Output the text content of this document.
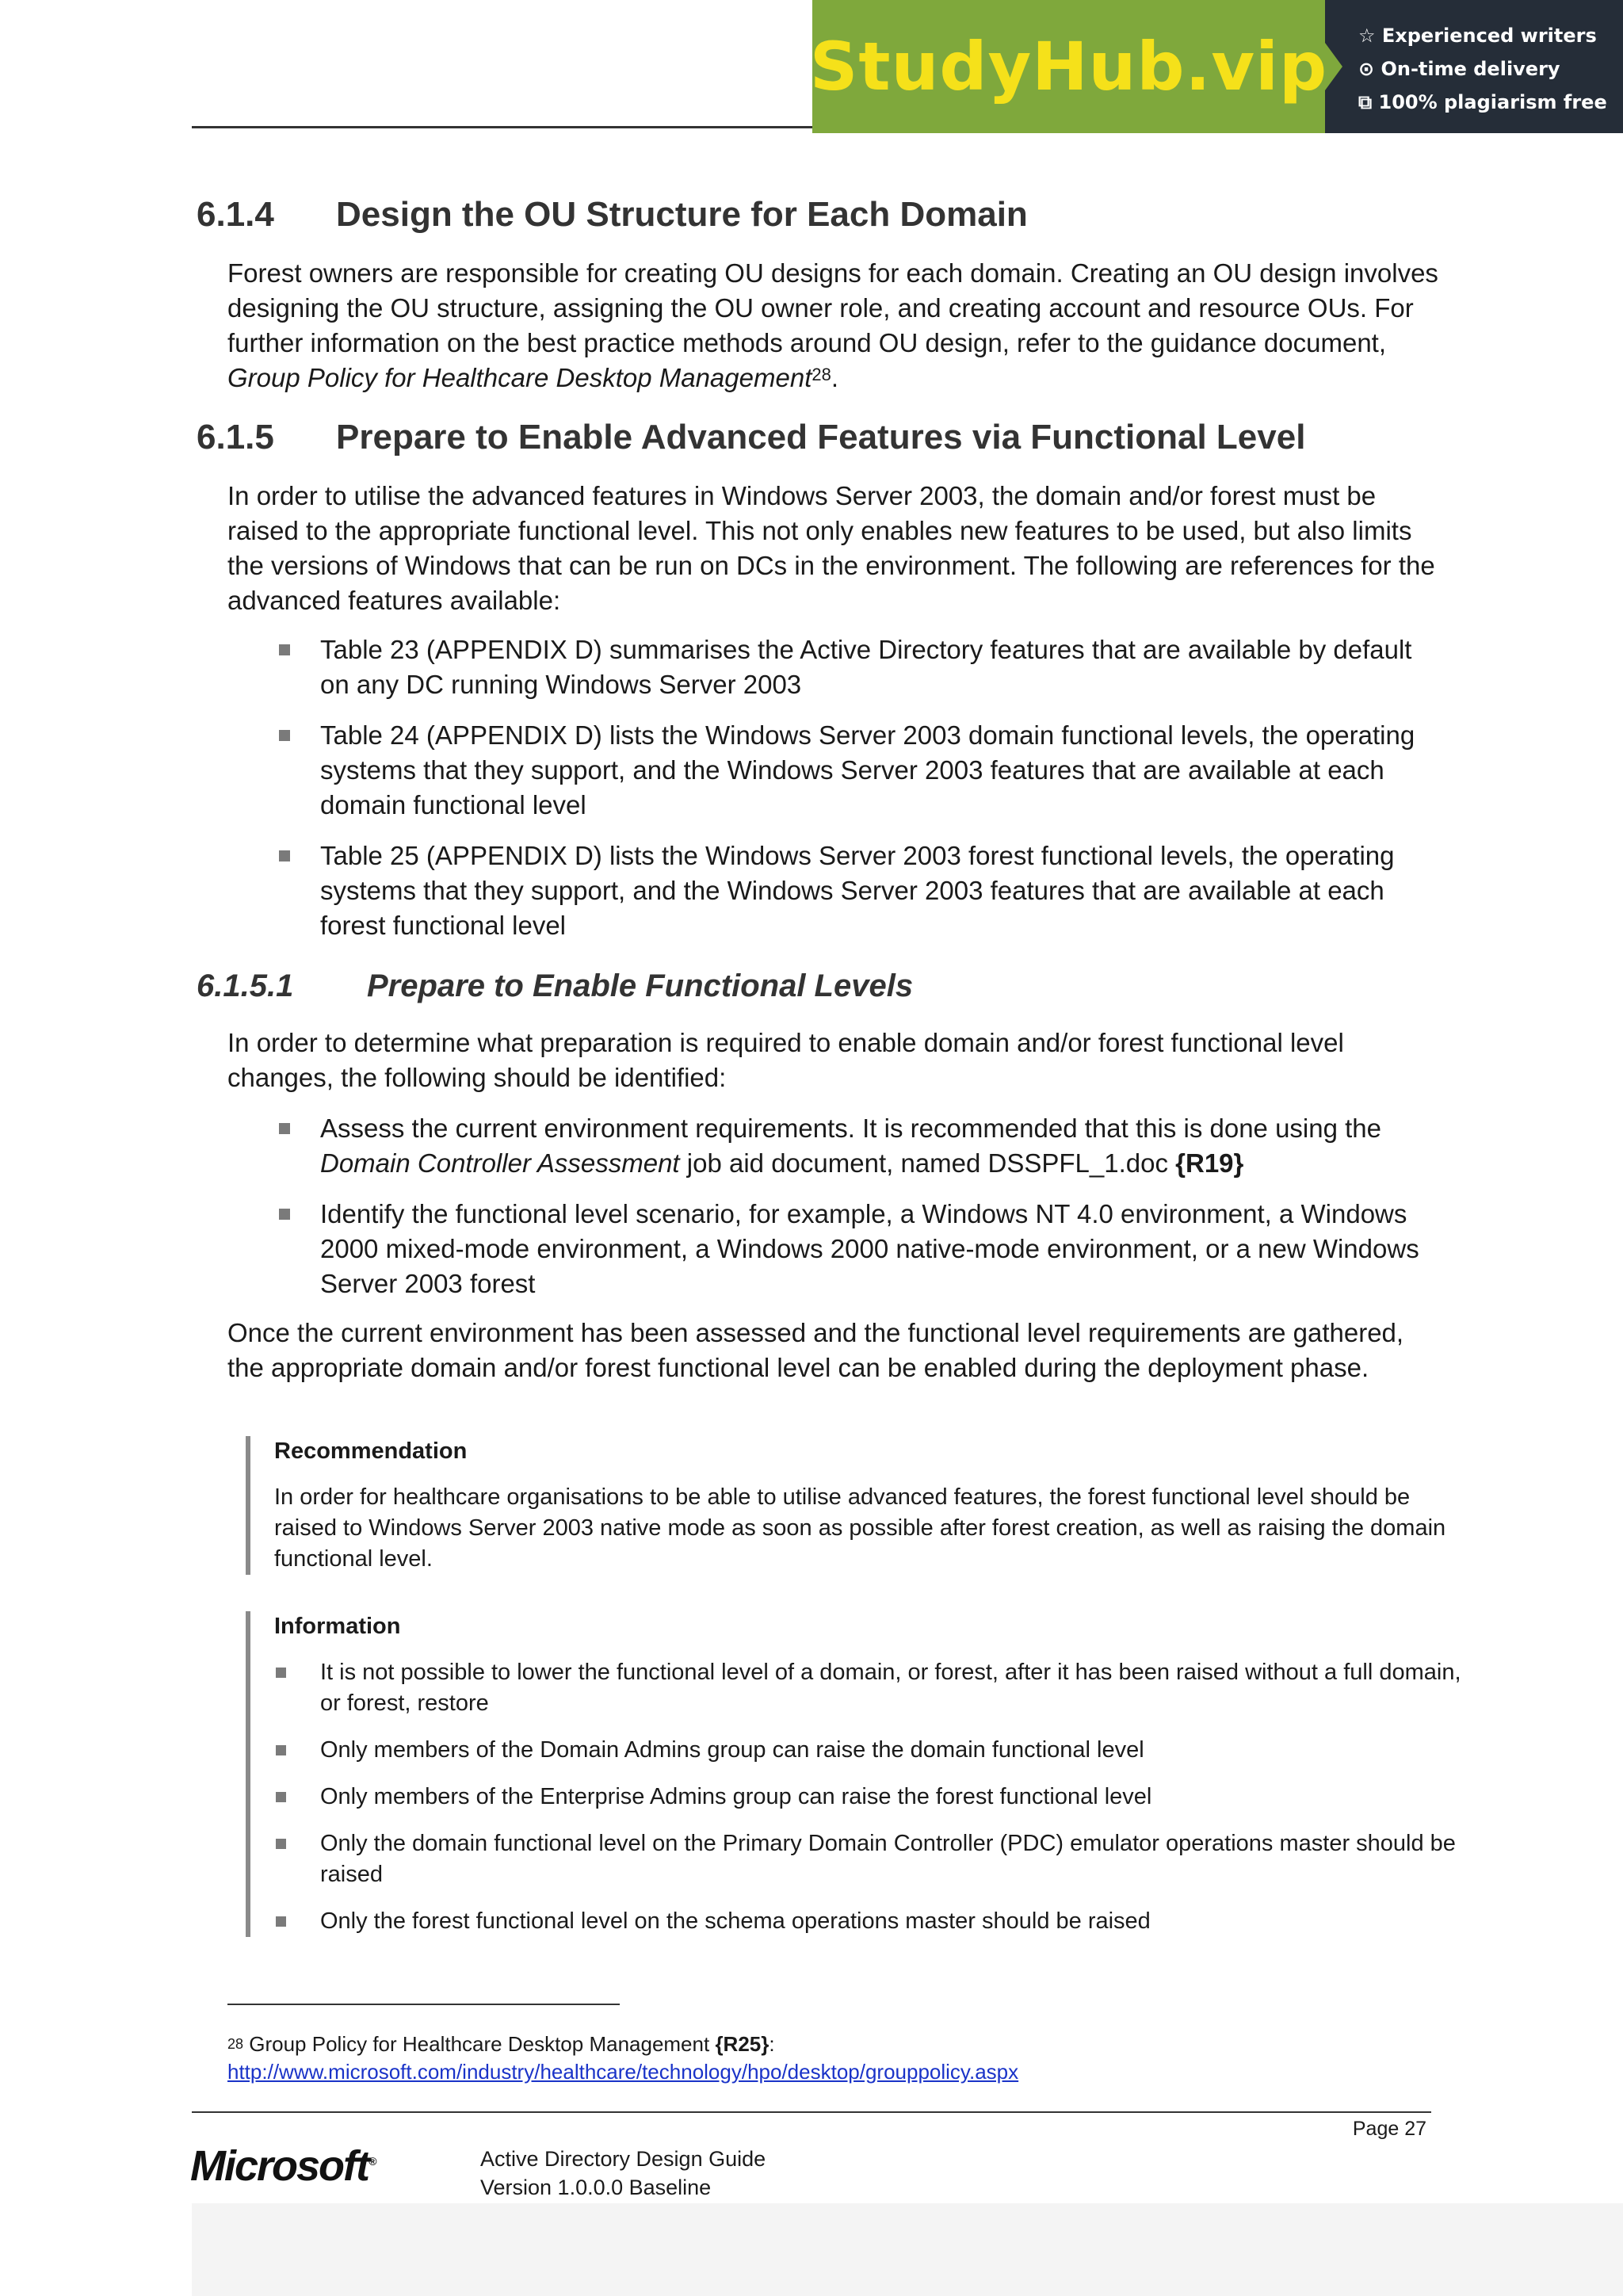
StudyHub.vip ☆ Experienced writers
⊙ On-time delivery
⧉ 100% plagiarism free
6.1.4 Design the OU Structure for Each Domain
Forest owners are responsible for creating OU designs for each domain. Creating an OU design involves designing the OU structure, assigning the OU owner role, and creating account and resource OUs. For further information on the best practice methods around OU design, refer to the guidance document, Group Policy for Healthcare Desktop Management$^{28}$.
6.1.5 Prepare to Enable Advanced Features via Functional Level
In order to utilise the advanced features in Windows Server 2003, the domain and/or forest must be raised to the appropriate functional level. This not only enables new features to be used, but also limits the versions of Windows that can be run on DCs in the environment. The following are references for the advanced features available:
Table 23 (APPENDIX D) summarises the Active Directory features that are available by default on any DC running Windows Server 2003
Table 24 (APPENDIX D) lists the Windows Server 2003 domain functional levels, the operating systems that they support, and the Windows Server 2003 features that are available at each domain functional level
Table 25 (APPENDIX D) lists the Windows Server 2003 forest functional levels, the operating systems that they support, and the Windows Server 2003 features that are available at each forest functional level
6.1.5.1 Prepare to Enable Functional Levels
In order to determine what preparation is required to enable domain and/or forest functional level changes, the following should be identified:
Assess the current environment requirements. It is recommended that this is done using the Domain Controller Assessment job aid document, named DSSPFL_1.doc {R19}
Identify the functional level scenario, for example, a Windows NT 4.0 environment, a Windows 2000 mixed-mode environment, a Windows 2000 native-mode environment, or a new Windows Server 2003 forest
Once the current environment has been assessed and the functional level requirements are gathered, the appropriate domain and/or forest functional level can be enabled during the deployment phase.
Recommendation
In order for healthcare organisations to be able to utilise advanced features, the forest functional level should be raised to Windows Server 2003 native mode as soon as possible after forest creation, as well as raising the domain functional level.
Information
It is not possible to lower the functional level of a domain, or forest, after it has been raised without a full domain, or forest, restore
Only members of the Domain Admins group can raise the domain functional level
Only members of the Enterprise Admins group can raise the forest functional level
Only the domain functional level on the Primary Domain Controller (PDC) emulator operations master should be raised
Only the forest functional level on the schema operations master should be raised
$^{28}$ Group Policy for Healthcare Desktop Management {R25}:
http://www.microsoft.com/industry/healthcare/technology/hpo/desktop/grouppolicy.aspx
Page 27
Microsoft®	Active Directory Design Guide
Version 1.0.0.0 Baseline
